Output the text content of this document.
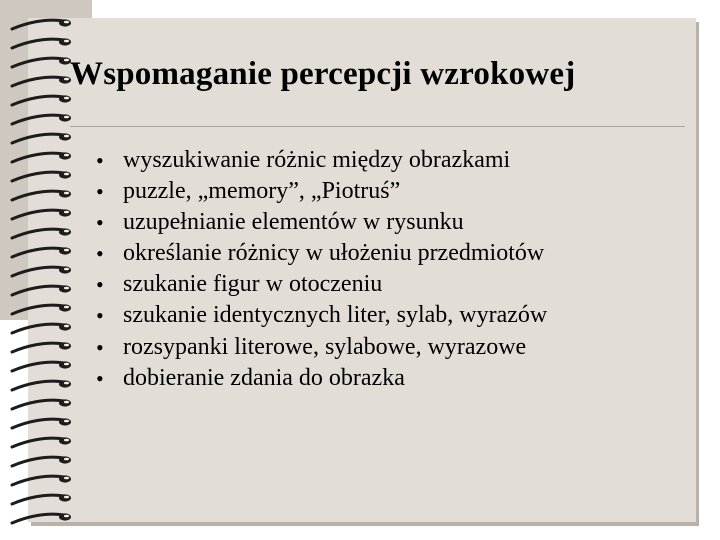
Wspomaganie percepcji wzrokowej
• wyszukiwanie różnic między obrazkami
• puzzle, „memory”, „Piotruś”
• uzupełnianie elementów w rysunku
• określanie różnicy w ułożeniu przedmiotów
• szukanie figur w otoczeniu
• szukanie identycznych liter, sylab, wyrazów
• rozsypanki literowe, sylabowe, wyrazowe
• dobieranie zdania do obrazka
